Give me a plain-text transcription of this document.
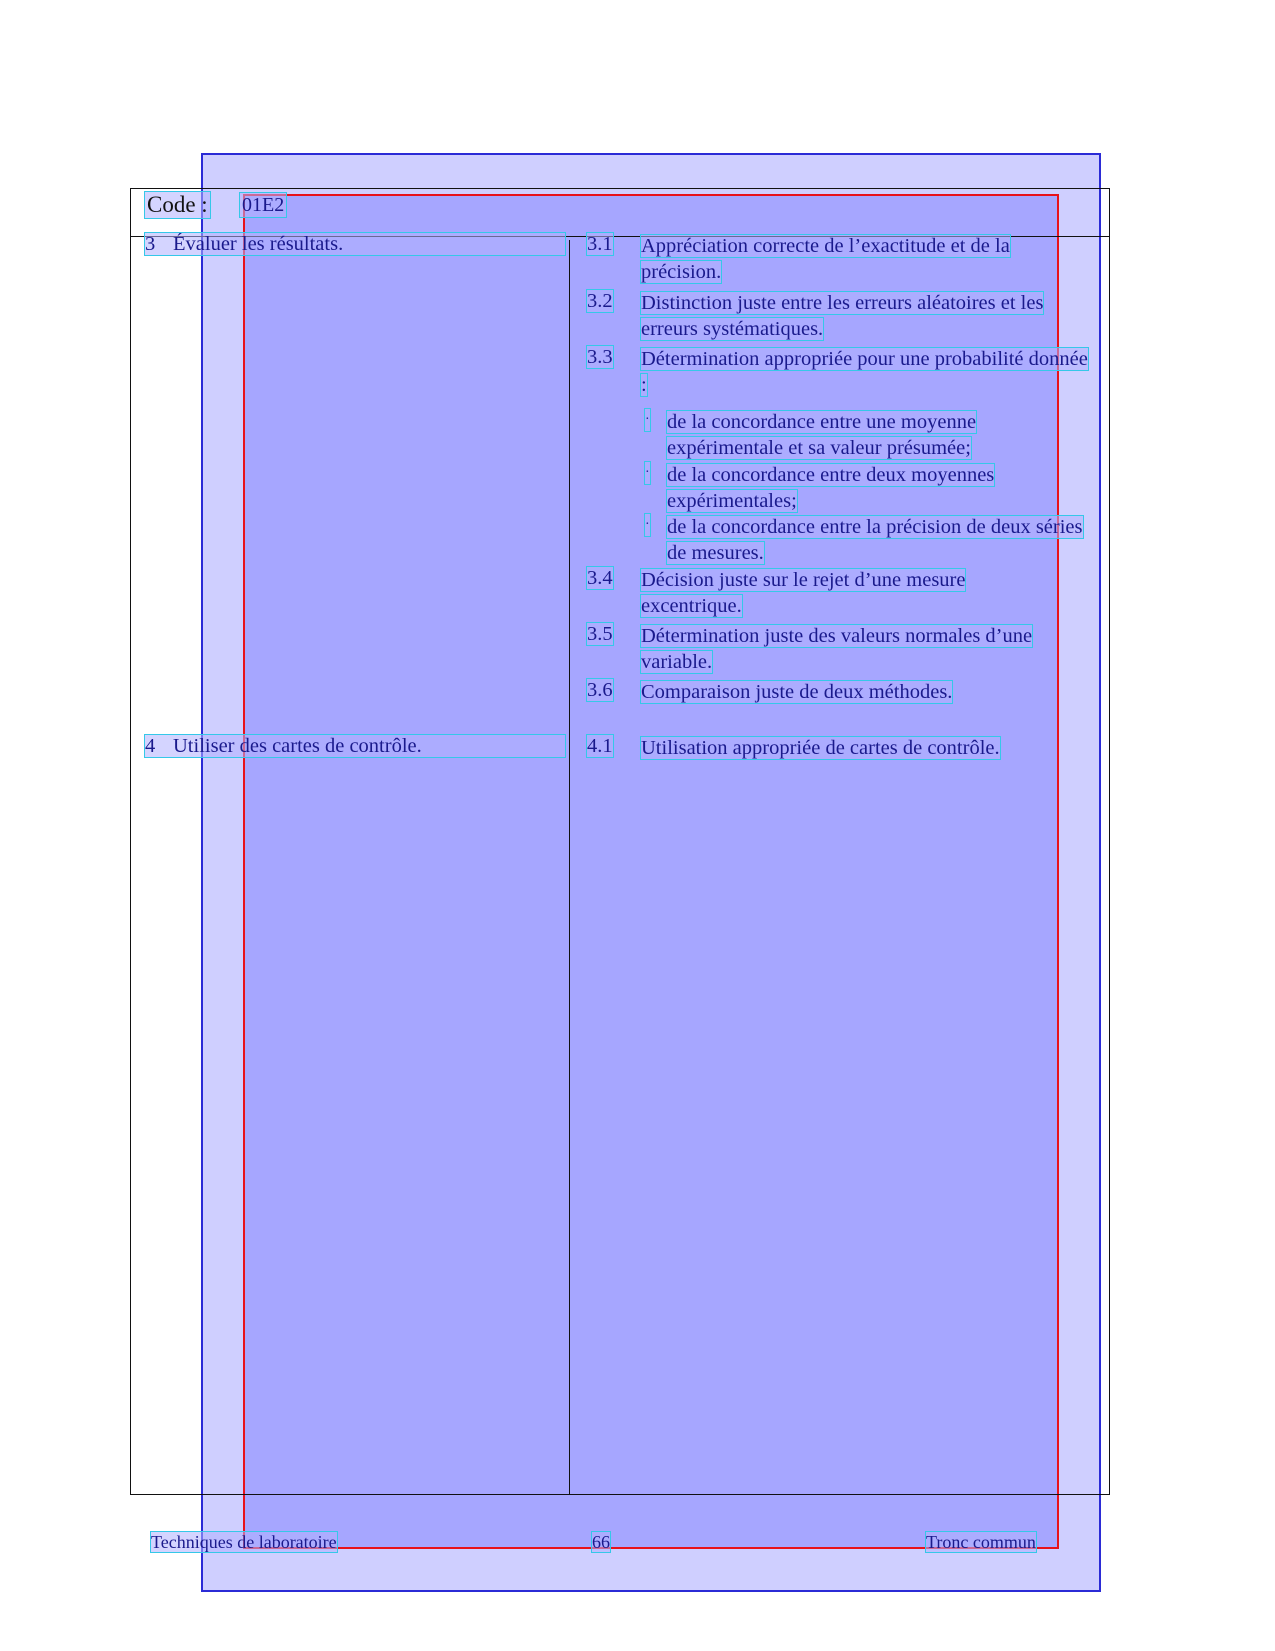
Code : 01E2
3 Évaluer les résultats.	3.1 Appréciation correcte de l’exactitude et de la précision.
3.2 Distinction juste entre les erreurs aléatoires et les erreurs systématiques.
3.3 Détermination appropriée pour une probabilité donnée :
· de la concordance entre une moyenne expérimentale et sa valeur présumée;
· de la concordance entre deux moyennes expérimentales;
· de la concordance entre la précision de deux séries de mesures.
3.4 Décision juste sur le rejet d’une mesure excentrique.
3.5 Détermination juste des valeurs normales d’une variable.
3.6 Comparaison juste de deux méthodes.
4 Utiliser des cartes de contrôle.	4.1 Utilisation appropriée de cartes de contrôle.
Techniques de laboratoire	66	Tronc commun
